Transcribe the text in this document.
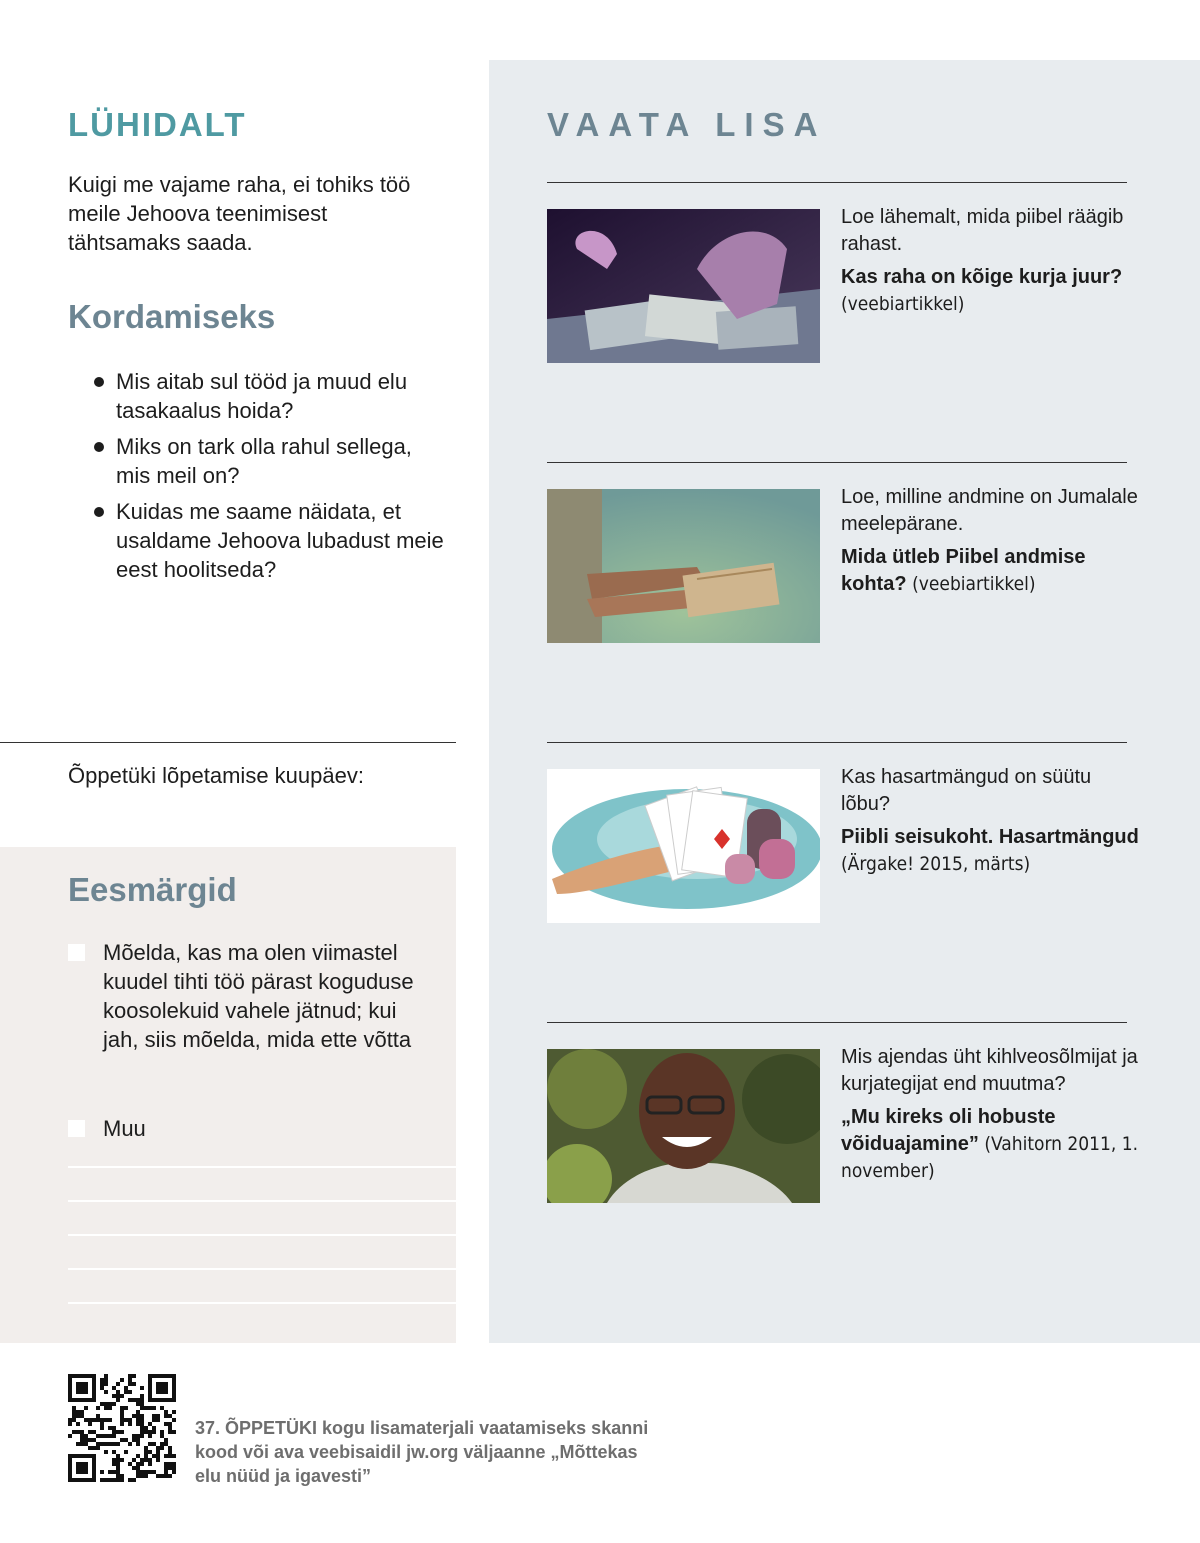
LÜHIDALT

Kuigi me vajame raha, ei tohiks töö meile Jehoova teenimisest tähtsamaks saada.

Kordamiseks
Mis aitab sul tööd ja muud elu tasakaalus hoida?
Miks on tark olla rahul sellega, mis meil on?
Kuidas me saame näidata, et usaldame Jehoova lubadust meie eest hoolitseda?

Õppetüki lõpetamise kuupäev:

Eesmärgid

Mõelda, kas ma olen viimastel kuudel tihti töö pärast koguduse koosolekuid vahele jätnud; kui jah, siis mõelda, mida ette võtta

Muu

VAATA LISA

Loe lähemalt, mida piibel räägib rahast.

Kas raha on kõige kurja juur?
(veebiartikkel)

Loe, milline andmine on Jumalale meelepärane.

Mida ütleb Piibel andmise kohta? (veebiartikkel)

Kas hasartmängud on süütu lõbu?

Piibli seisukoht. Hasartmängud
(Ärgake! 2015, märts)

Mis ajendas üht kihlveosõlmijat ja kurjategijat end muutma?

„Mu kireks oli hobuste võiduajamine” (Vahitorn 2011, 1. november)

37. ÕPPETÜKI kogu lisamaterjali vaatamiseks skanni kood või ava veebisaidil jw.org väljaanne „Mõttekas elu nüüd ja igavesti”
